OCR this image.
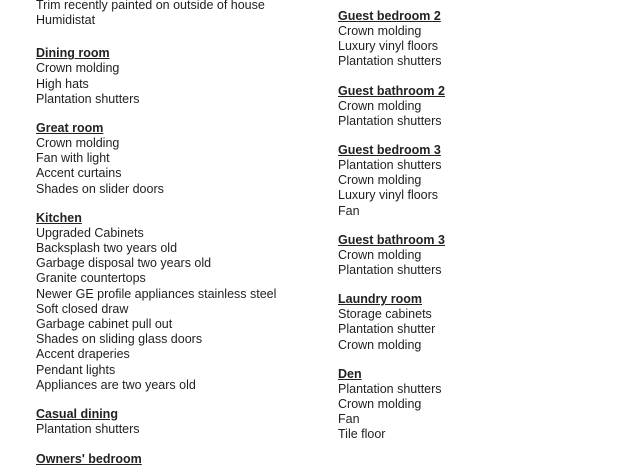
Trim recently painted on outside of house
Humidistat
Dining room
Crown molding
High hats
Plantation shutters
Great room
Crown molding
Fan with light
Accent curtains
Shades on slider doors
Kitchen
Upgraded Cabinets
Backsplash two years old
Garbage disposal two years old
Granite countertops
Newer GE profile appliances stainless steel
Soft closed draw
Garbage cabinet pull out
Shades on sliding glass doors
Accent draperies
Pendant lights
Appliances are two years old
Casual dining
Plantation shutters
Owners' bedroom
Guest bedroom 2
Crown molding
Luxury vinyl floors
Plantation shutters
Guest bathroom 2
Crown molding
Plantation shutters
Guest bedroom 3
Plantation shutters
Crown molding
Luxury vinyl floors
Fan
Guest bathroom 3
Crown molding
Plantation shutters
Laundry room
Storage cabinets
Plantation shutter
Crown molding
Den
Plantation shutters
Crown molding
Fan
Tile floor
